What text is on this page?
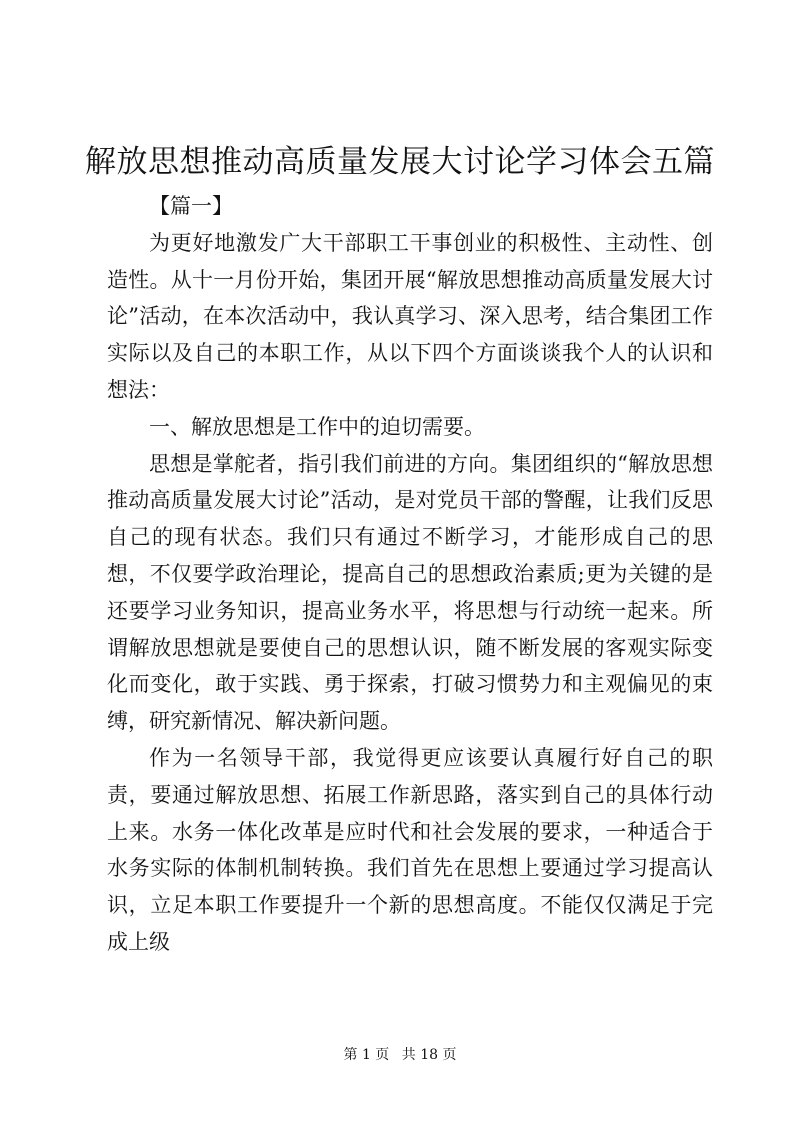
解放思想推动高质量发展大讨论学习体会五篇

【篇一】

为更好地激发广大干部职工干事创业的积极性、主动性、创造性。从十一月份开始，集团开展“解放思想推动高质量发展大讨论”活动，在本次活动中，我认真学习、深入思考，结合集团工作实际以及自己的本职工作，从以下四个方面谈谈我个人的认识和想法：

一、解放思想是工作中的迫切需要。

思想是掌舵者，指引我们前进的方向。集团组织的“解放思想推动高质量发展大讨论”活动，是对党员干部的警醒，让我们反思自己的现有状态。我们只有通过不断学习，才能形成自己的思想，不仅要学政治理论，提高自己的思想政治素质;更为关键的是还要学习业务知识，提高业务水平，将思想与行动统一起来。所谓解放思想就是要使自己的思想认识，随不断发展的客观实际变化而变化，敢于实践、勇于探索，打破习惯势力和主观偏见的束缚，研究新情况、解决新问题。

作为一名领导干部，我觉得更应该要认真履行好自己的职责，要通过解放思想、拓展工作新思路，落实到自己的具体行动上来。水务一体化改革是应时代和社会发展的要求，一种适合于水务实际的体制机制转换。我们首先在思想上要通过学习提高认识，立足本职工作要提升一个新的思想高度。不能仅仅满足于完成上级

第 1 页 共 18 页
